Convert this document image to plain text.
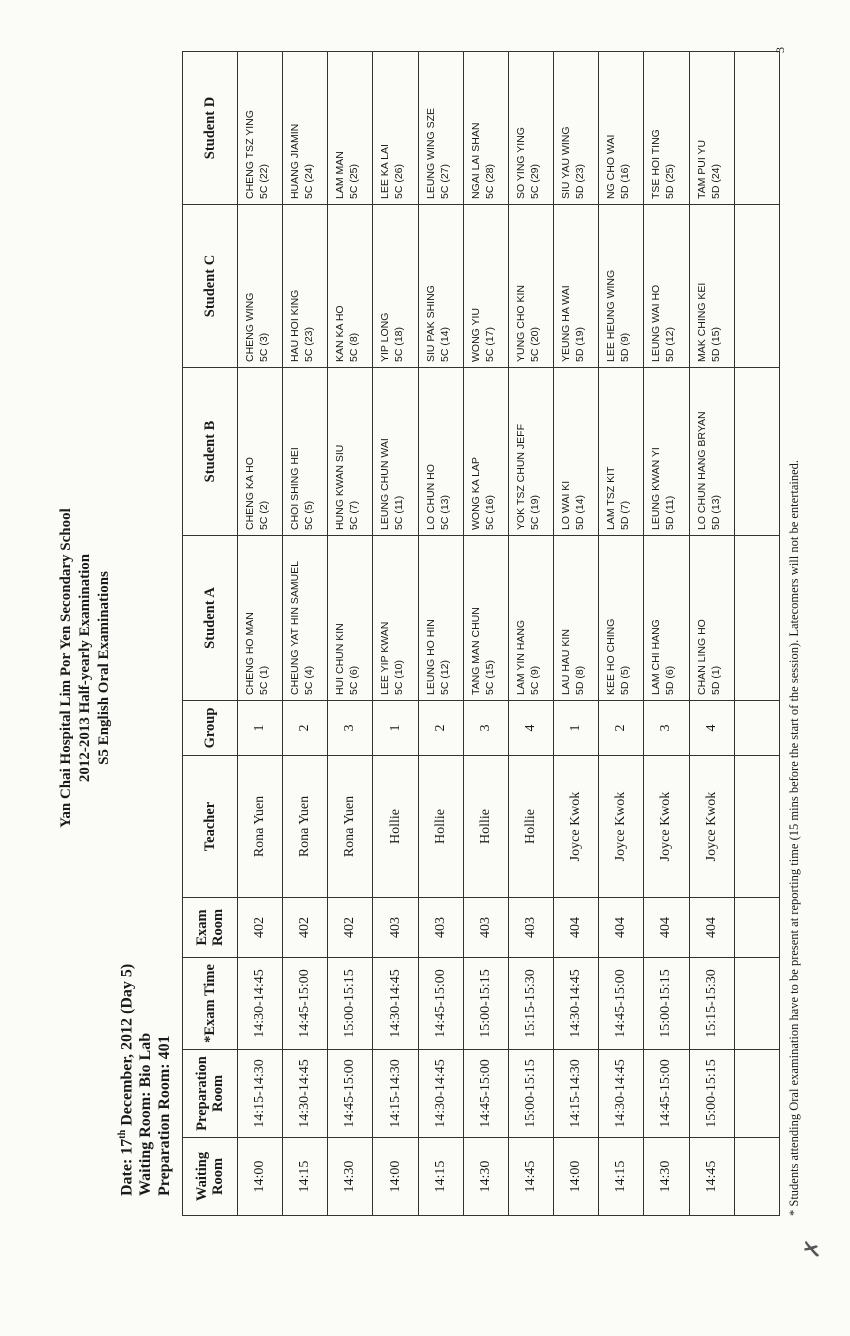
Yan Chai Hospital Lim Por Yen Secondary School 2012-2013 Half-yearly Examination S5 English Oral Examinations
Date: 17th December, 2012 (Day 5) Waiting Room: Bio Lab Preparation Room: 401 Waiting Room	Preparation Room	*Exam Time	Exam Room	Teacher	Group	Student A	Student B	Student C	Student D
14:00	14:15-14:30	14:30-14:45	402	Rona Yuen	1	CHENG HO MAN 5C (1)	CHENG KA HO 5C (2)	CHENG WING 5C (3)	CHENG TSZ YING 5C (22)

14:15	14:30-14:45	14:45-15:00	402	Rona Yuen	2	CHEUNG YAT HIN SAMUEL 5C (4)	CHOI SHING HEI 5C (5)	HAU HOI KING 5C (23)	HUANG JIAMIN 5C (24)

14:30	14:45-15:00	15:00-15:15	402	Rona Yuen	3	HUI CHUN KIN 5C (6)	HUNG KWAN SIU 5C (7)	KAN KA HO 5C (8)	LAM MAN 5C (25)

14:00	14:15-14:30	14:30-14:45	403	Hollie	1	LEE YIP KWAN 5C (10)	LEUNG CHUN WAI 5C (11)	YIP LONG 5C (18)	LEE KA LAI 5C (26)

14:15	14:30-14:45	14:45-15:00	403	Hollie	2	LEUNG HO HIN 5C (12)	LO CHUN HO 5C (13)	SIU PAK SHING 5C (14)	LEUNG WING SZE 5C (27)

14:30	14:45-15:00	15:00-15:15	403	Hollie	3	TANG MAN CHUN 5C (15)	WONG KA LAP 5C (16)	WONG YIU 5C (17)	NGAI LAI SHAN 5C (28)

14:45	15:00-15:15	15:15-15:30	403	Hollie	4	LAM YIN HANG 5C (9)	YOK TSZ CHUN JEFF 5C (19)	YUNG CHO KIN 5C (20)	SO YING YING 5C (29)

14:00	14:15-14:30	14:30-14:45	404	Joyce Kwok	1	LAU HAU KIN 5D (8)	LO WAI KI 5D (14)	YEUNG HA WAI 5D (19)	SIU YAU WING 5D (23)

14:15	14:30-14:45	14:45-15:00	404	Joyce Kwok	2	KEE HO CHING 5D (5)	LAM TSZ KIT 5D (7)	LEE HEUNG WING 5D (9)	NG CHO WAI 5D (16)

14:30	14:45-15:00	15:00-15:15	404	Joyce Kwok	3	LAM CHI HANG 5D (6)	LEUNG KWAN YI 5D (11)	LEUNG WAI HO 5D (12)	TSE HOI TING 5D (25)

14:45	15:00-15:15	15:15-15:30	404	Joyce Kwok	4	CHAN LING HO 5D (1)	LO CHUN HANG BRYAN 5D (13)	MAK CHING KEI 5D (15)	TAM PUI YU 5D (24)

* Students attending Oral examination have to be present at reporting time (15 mins before the start of the session). Latecomers will not be entertained.
3
✗
